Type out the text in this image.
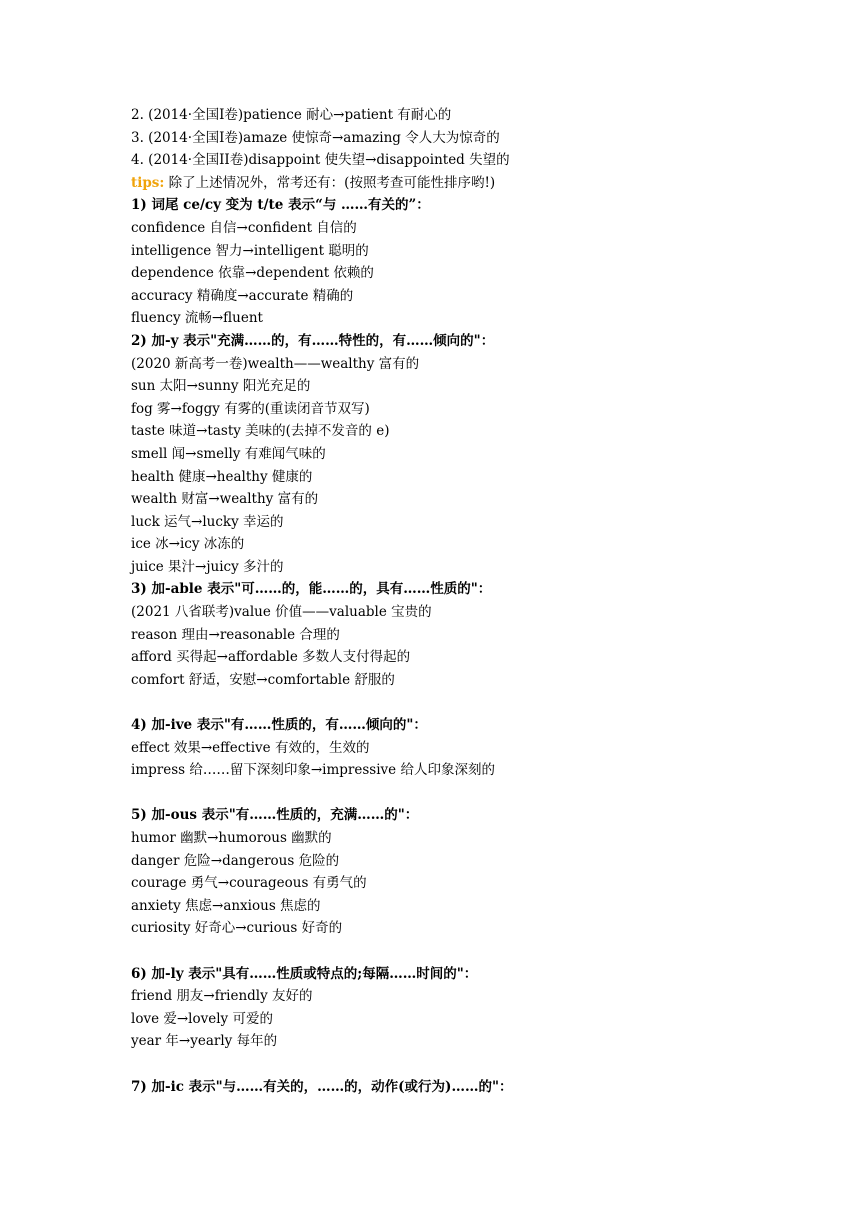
2. (2014·全国I卷)patience 耐心→patient 有耐心的
3. (2014·全国I卷)amaze 使惊奇→amazing 令人大为惊奇的
4. (2014·全国II卷)disappoint 使失望→disappointed 失望的
tips: 除了上述情况外，常考还有：(按照考查可能性排序哟!)
1) 词尾 ce/cy 变为 t/te 表示“与 ……有关的”：
confidence 自信→confident 自信的
intelligence 智力→intelligent 聪明的
dependence 依靠→dependent 依赖的
accuracy 精确度→accurate 精确的
fluency 流畅→fluent
2) 加-y 表示"充满……的，有……特性的，有……倾向的"：
(2020 新高考一卷)wealth——wealthy 富有的
sun 太阳→sunny 阳光充足的
fog 雾→foggy 有雾的(重读闭音节双写)
taste 味道→tasty 美味的(去掉不发音的 e)
smell 闻→smelly 有难闻气味的
health 健康→healthy 健康的
wealth 财富→wealthy 富有的
luck 运气→lucky 幸运的
ice 冰→icy 冰冻的
juice 果汁→juicy 多汁的
3) 加-able 表示"可……的，能……的，具有……性质的"：
(2021 八省联考)value 价值——valuable 宝贵的
reason 理由→reasonable 合理的
afford 买得起→affordable 多数人支付得起的
comfort 舒适，安慰→comfortable 舒服的
4) 加-ive 表示"有……性质的，有……倾向的"：
effect 效果→effective 有效的，生效的
impress 给……留下深刻印象→impressive 给人印象深刻的
5) 加-ous 表示"有……性质的，充满……的"：
humor 幽默→humorous 幽默的
danger 危险→dangerous 危险的
courage 勇气→courageous 有勇气的
anxiety 焦虑→anxious 焦虑的
curiosity 好奇心→curious 好奇的
6) 加-ly 表示"具有……性质或特点的;每隔……时间的"：
friend 朋友→friendly 友好的
love 爱→lovely 可爱的
year 年→yearly 每年的
7) 加-ic 表示"与……有关的，……的，动作(或行为)……的"：
